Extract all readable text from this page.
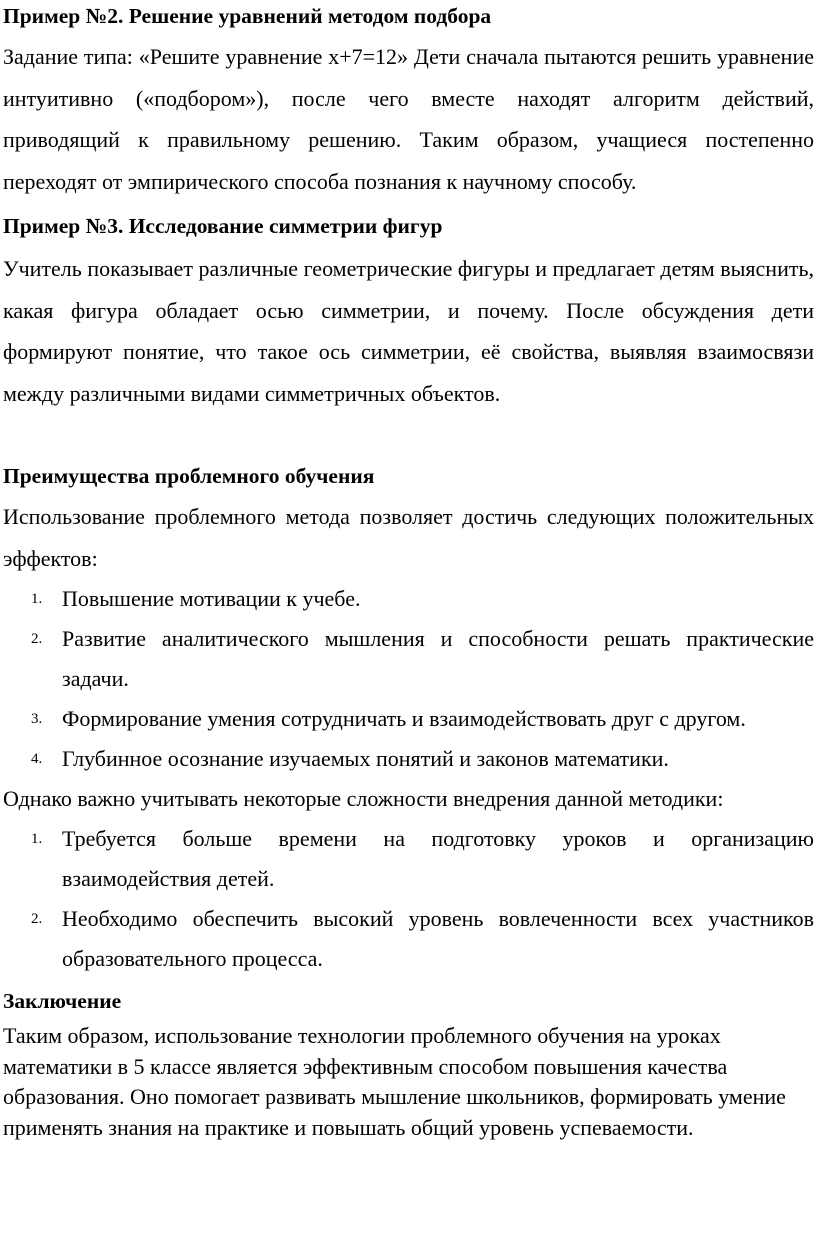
Пример №2. Решение уравнений методом подбора

Задание типа: «Решите уравнение x+7=12» Дети сначала пытаются решить уравнение интуитивно («подбором»), после чего вместе находят алгоритм действий, приводящий к правильному решению. Таким образом, учащиеся постепенно переходят от эмпирического способа познания к научному способу.

Пример №3. Исследование симметрии фигур

Учитель показывает различные геометрические фигуры и предлагает детям выяснить, какая фигура обладает осью симметрии, и почему. После обсуждения дети формируют понятие, что такое ось симметрии, её свойства, выявляя взаимосвязи между различными видами симметричных объектов.

Преимущества проблемного обучения

Использование проблемного метода позволяет достичь следующих положительных эффектов:

1. Повышение мотивации к учебе.
2. Развитие аналитического мышления и способности решать практические задачи.
3. Формирование умения сотрудничать и взаимодействовать друг с другом.
4. Глубинное осознание изучаемых понятий и законов математики.

Однако важно учитывать некоторые сложности внедрения данной методики:

1. Требуется больше времени на подготовку уроков и организацию взаимодействия детей.
2. Необходимо обеспечить высокий уровень вовлеченности всех участников образовательного процесса.
Заключение

Таким образом, использование технологии проблемного обучения на уроках математики в 5 классе является эффективным способом повышения качества образования. Оно помогает развивать мышление школьников, формировать умение применять знания на практике и повышать общий уровень успеваемости.
